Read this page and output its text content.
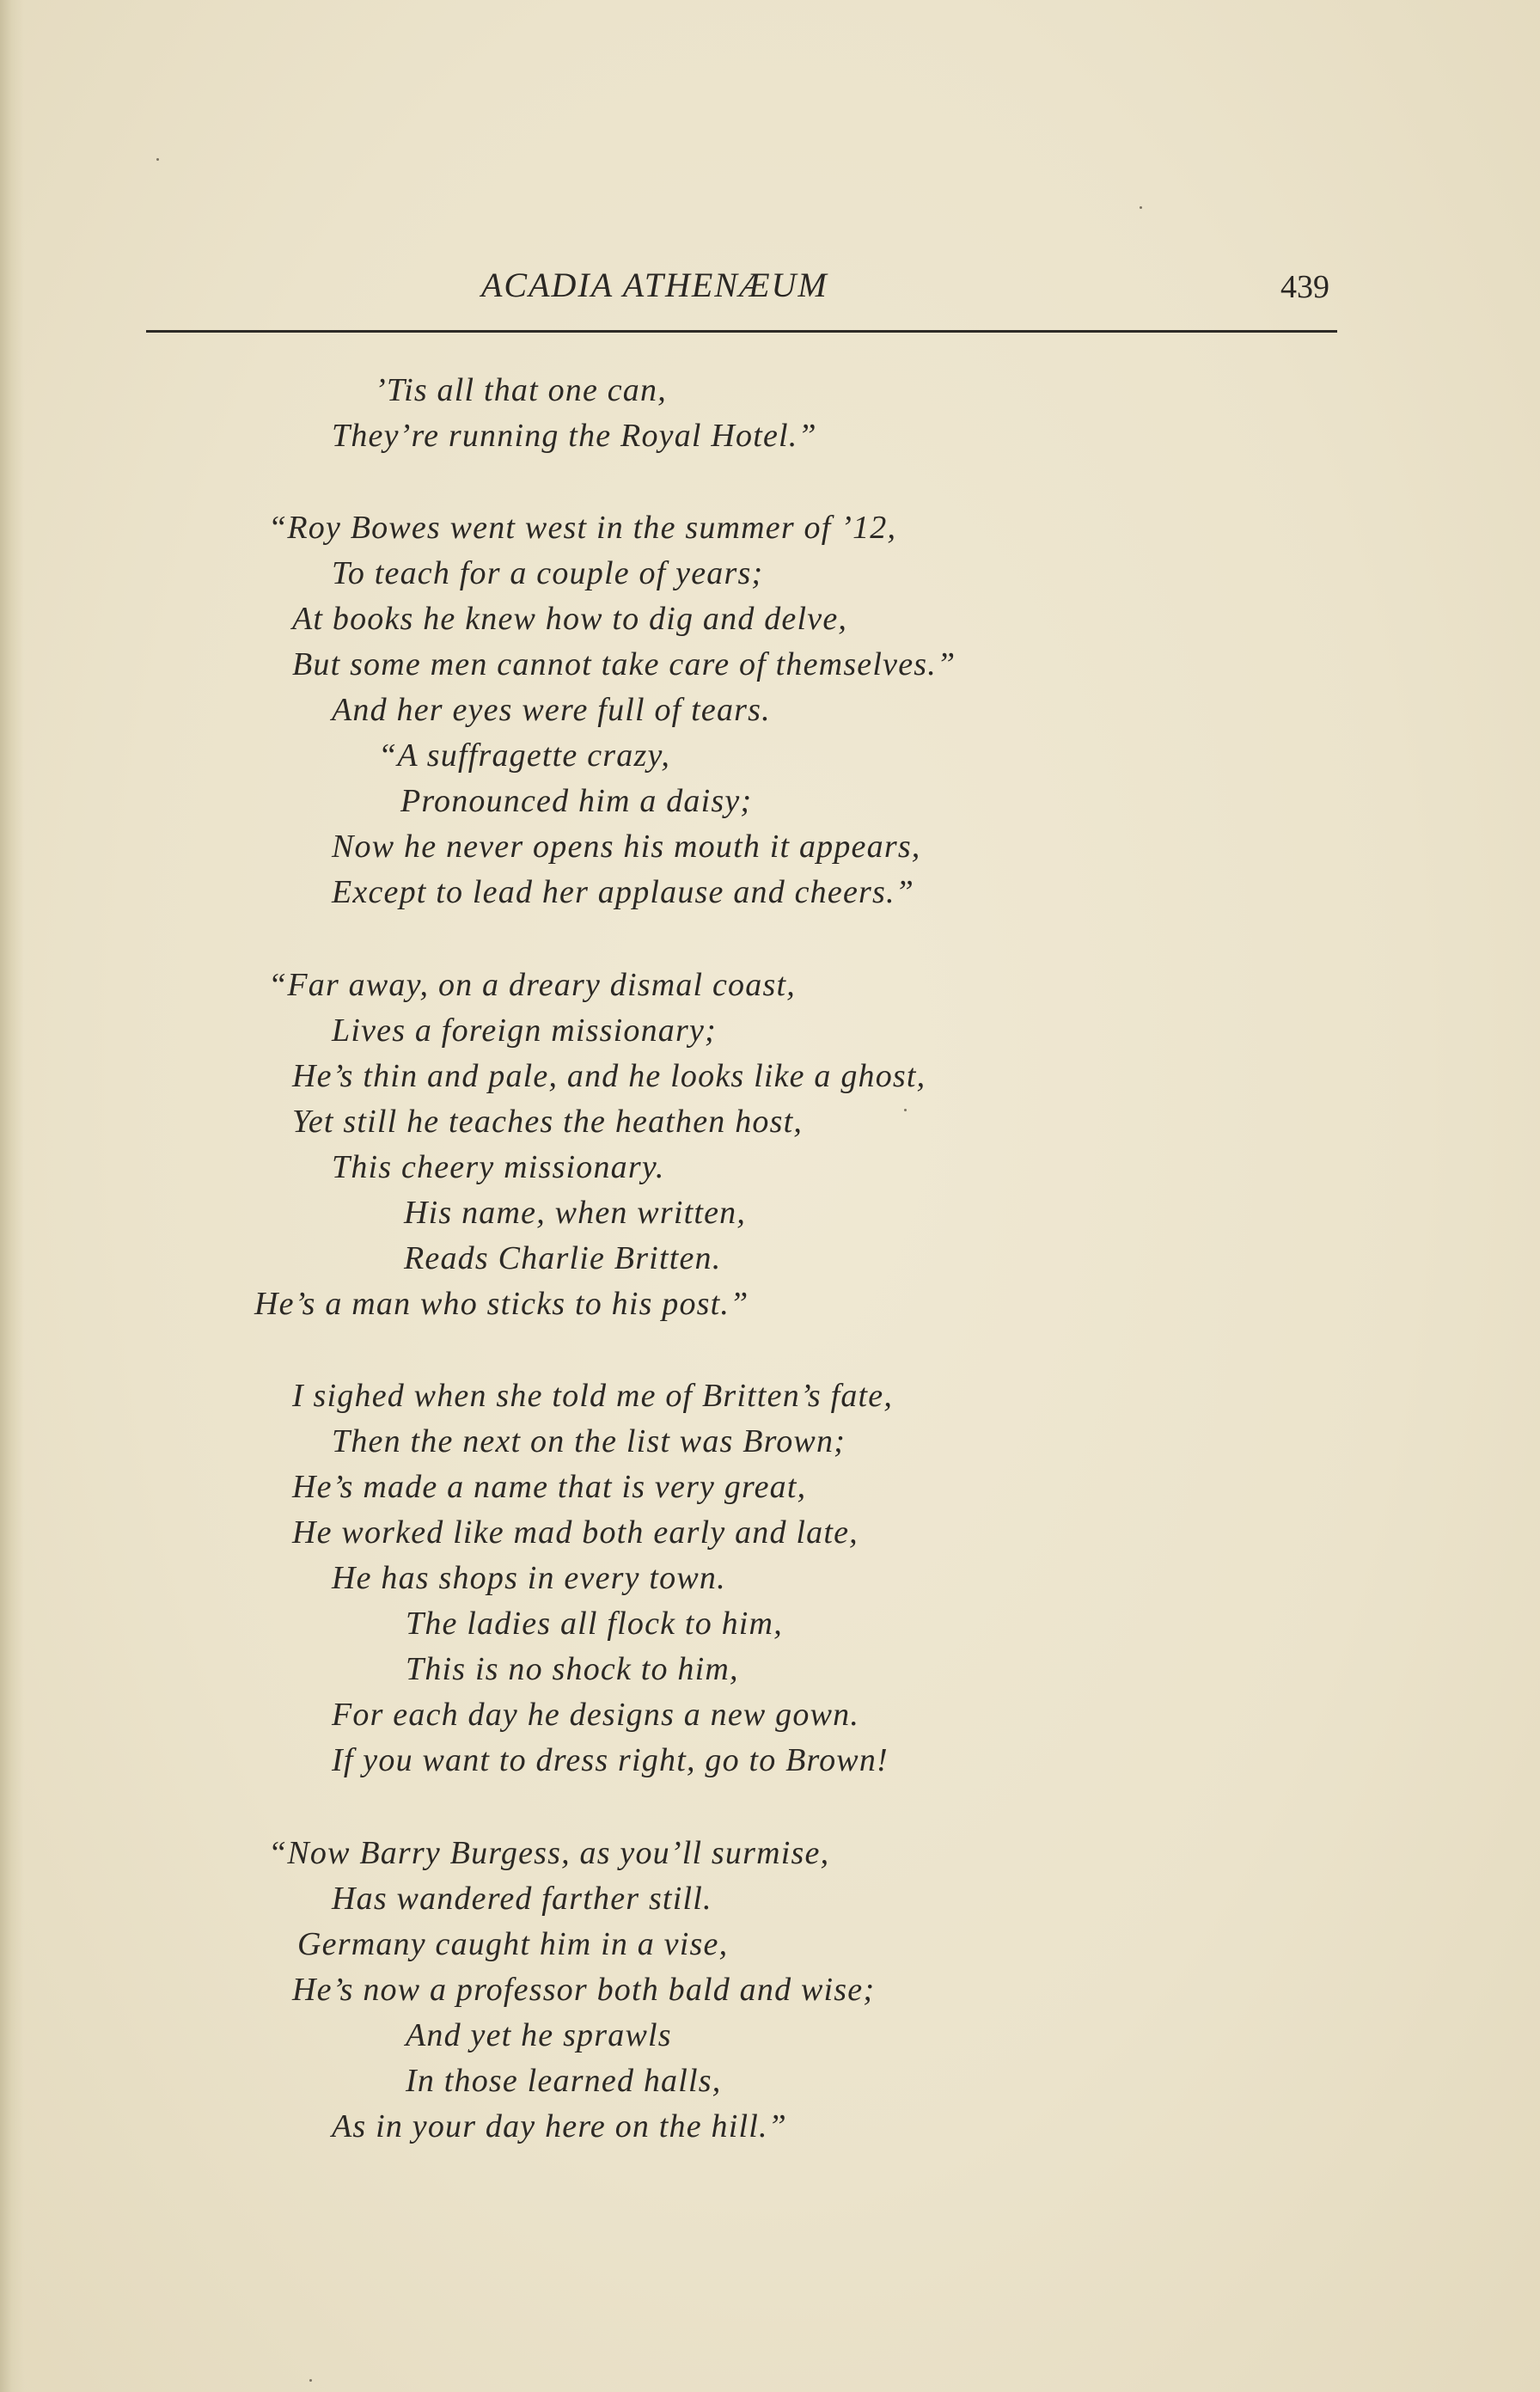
ACADIA ATHENÆUM	439
’Tis all that one can,
They’re running the Royal Hotel.”
“Roy Bowes went west in the summer of ’12,
To teach for a couple of years;
At books he knew how to dig and delve,
But some men cannot take care of themselves.”
And her eyes were full of tears.
“A suffragette crazy,
Pronounced him a daisy;
Now he never opens his mouth it appears,
Except to lead her applause and cheers.”
“Far away, on a dreary dismal coast,
Lives a foreign missionary;
He’s thin and pale, and he looks like a ghost,
Yet still he teaches the heathen host,
This cheery missionary.
His name, when written,
Reads Charlie Britten.
He’s a man who sticks to his post.”
I sighed when she told me of Britten’s fate,
Then the next on the list was Brown;
He’s made a name that is very great,
He worked like mad both early and late,
He has shops in every town.
The ladies all flock to him,
This is no shock to him,
For each day he designs a new gown.
If you want to dress right, go to Brown!
“Now Barry Burgess, as you’ll surmise,
Has wandered farther still.
Germany caught him in a vise,
He’s now a professor both bald and wise;
And yet he sprawls
In those learned halls,
As in your day here on the hill.”
